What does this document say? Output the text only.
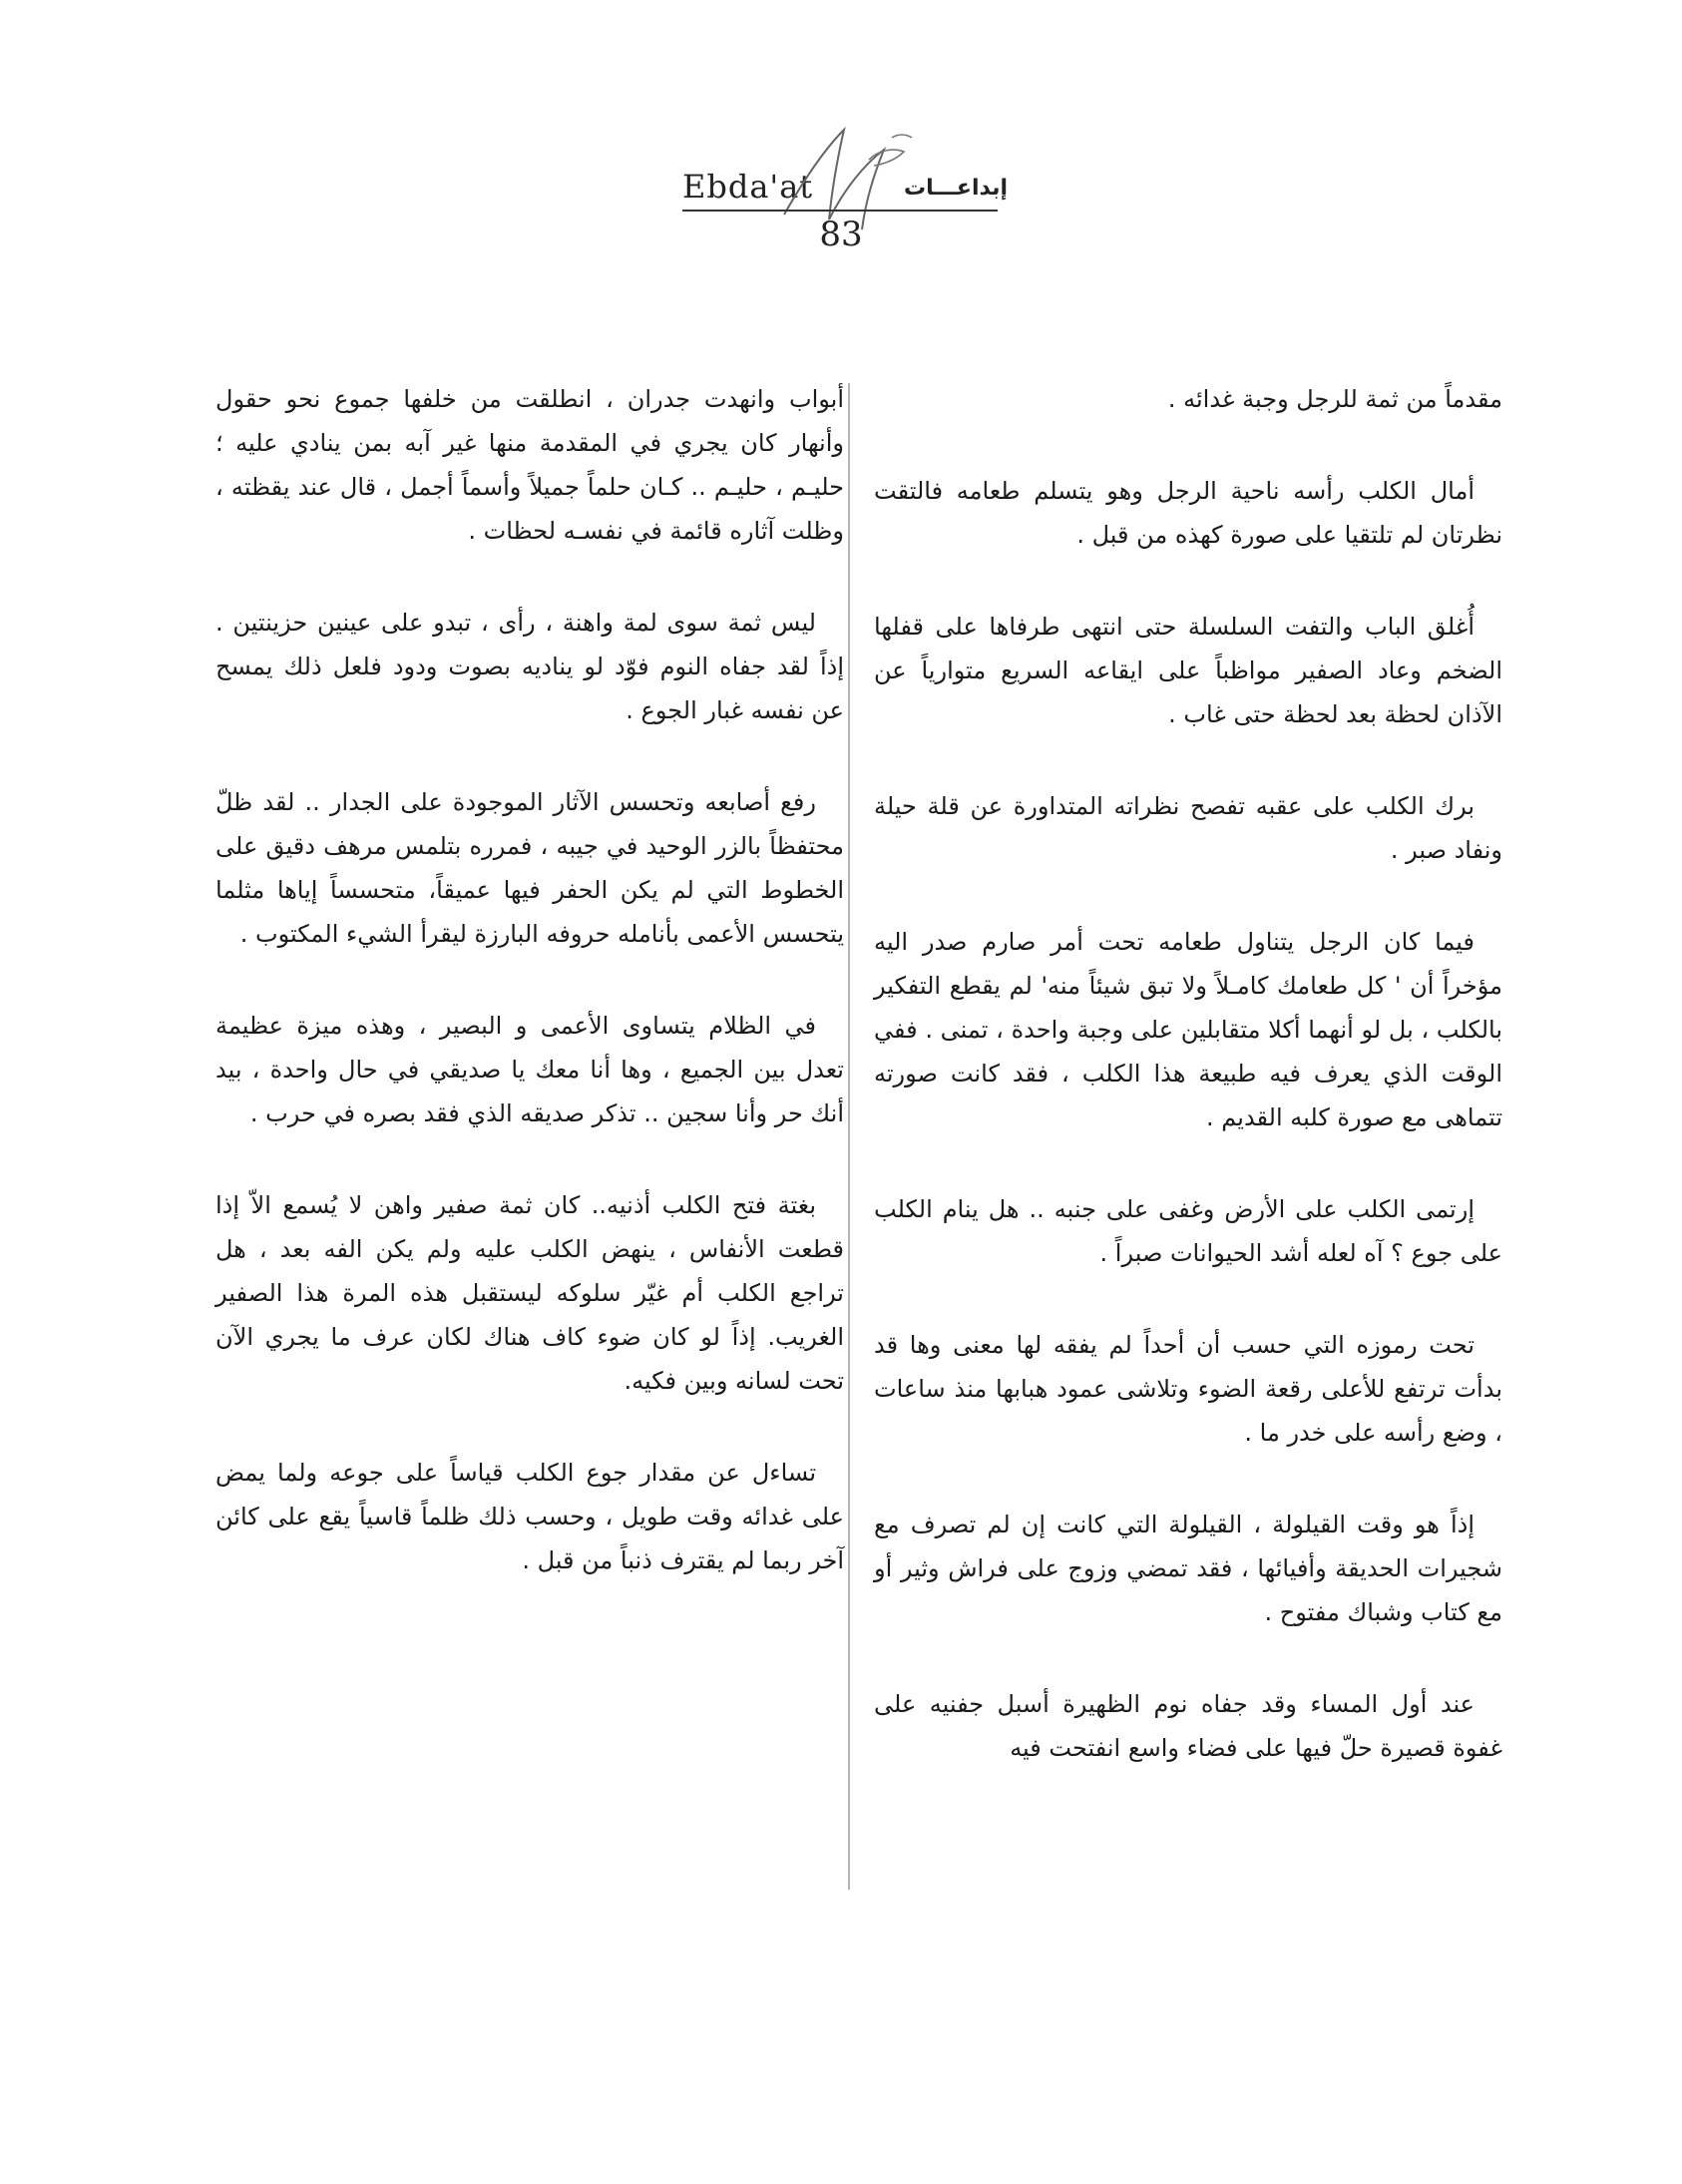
Ebda'at	إبداعـــات
83

مقدماً من ثمة للرجل وجبة غدائه .

أمال الكلب رأسه ناحية الرجل وهو يتسلم طعامه فالتقت نظرتان لم تلتقيا على صورة كهذه من قبل .

أُغلق الباب والتفت السلسلة حتى انتهى طرفاها على قفلها الضخم وعاد الصفير مواظباً على ايقاعه السريع متوارياً عن الآذان لحظة بعد لحظة حتى غاب .

برك الكلب على عقبه تفصح نظراته المتداورة عن قلة حيلة ونفاد صبر .

فيما كان الرجل يتناول طعامه تحت أمر صارم صدر اليه مؤخراً أن ' كل طعامك كامـلاً ولا تبق شيئاً منه' لم يقطع التفكير بالكلب ، بل لو أنهما أكلا متقابلين على وجبة واحدة ، تمنى . ففي الوقت الذي يعرف فيه طبيعة هذا الكلب ، فقد كانت صورته تتماهى مع صورة كلبه القديم .

إرتمى الكلب على الأرض وغفى على جنبه .. هل ينام الكلب على جوع ؟ آه لعله أشد الحيوانات صبراً .

تحت رموزه التي حسب أن أحداً لم يفقه لها معنى وها قد بدأت ترتفع للأعلى رقعة الضوء وتلاشى عمود هبابها منذ ساعات ، وضع رأسه على خدر ما .

إذاً هو وقت القيلولة ، القيلولة التي كانت إن لم تصرف مع شجيرات الحديقة وأفيائها ، فقد تمضي وزوج على فراش وثير أو مع كتاب وشباك مفتوح .

عند أول المساء وقد جفاه نوم الظهيرة أسبل جفنيه على غفوة قصيرة حلّ فيها على فضاء واسع انفتحت فيه

أبواب وانهدت جدران ، انطلقت من خلفها جموع نحو حقول وأنهار كان يجري في المقدمة منها غير آبه بمن ينادي عليه ؛ حليـم ، حليـم .. كـان حلماً جميلاً وأسماً أجمل ، قال عند يقظته ، وظلت آثاره قائمة في نفسـه لحظات .

ليس ثمة سوى لمة واهنة ، رأى ، تبدو على عينين حزينتين . إذاً لقد جفاه النوم فوّد لو يناديه بصوت ودود فلعل ذلك يمسح عن نفسه غبار الجوع .

رفع أصابعه وتحسس الآثار الموجودة على الجدار .. لقد ظلّ محتفظاً بالزر الوحيد في جيبه ، فمرره بتلمس مرهف دقيق على الخطوط التي لم يكن الحفر فيها عميقاً، متحسساً إياها مثلما يتحسس الأعمى بأنامله حروفه البارزة ليقرأ الشيء المكتوب .

في الظلام يتساوى الأعمى و البصير ، وهذه ميزة عظيمة تعدل بين الجميع ، وها أنا معك يا صديقي في حال واحدة ، بيد أنك حر وأنا سجين .. تذكر صديقه الذي فقد بصره في حرب .

بغتة فتح الكلب أذنيه.. كان ثمة صفير واهن لا يُسمع الاّ إذا قطعت الأنفاس ، ينهض الكلب عليه ولم يكن الفه بعد ، هل تراجع الكلب أم غيّر سلوكه ليستقبل هذه المرة هذا الصفير الغريب. إذاً لو كان ضوء كاف هناك لكان عرف ما يجري الآن تحت لسانه وبين فكيه.

تساءل عن مقدار جوع الكلب قياساً على جوعه ولما يمض على غدائه وقت طويل ، وحسب ذلك ظلماً قاسياً يقع على كائن آخر ربما لم يقترف ذنباً من قبل .
